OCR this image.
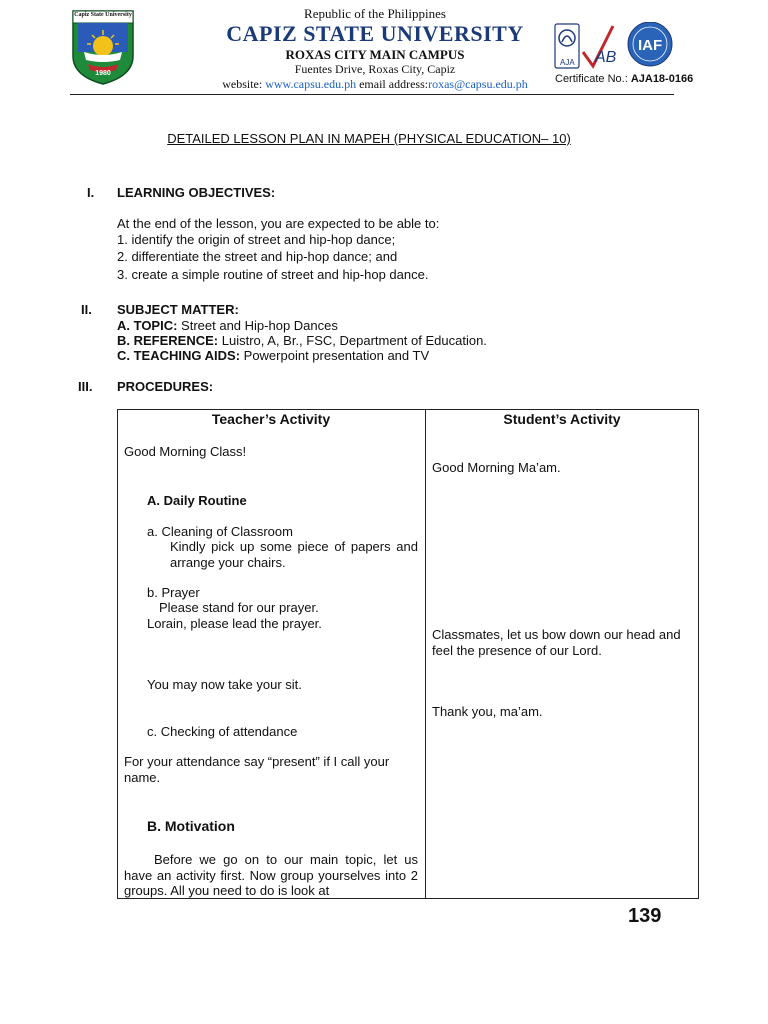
Capiz State University
1980
Republic of the Philippines
CAPIZ STATE UNIVERSITY
ROXAS CITY MAIN CAMPUS
Fuentes Drive, Roxas City, Capiz
website: www.capsu.edu.ph email address:roxas@capsu.edu.ph
AJA AB
IAF
Certificate No.: AJA18-0166
DETAILED LESSON PLAN IN MAPEH (PHYSICAL EDUCATION– 10)
I. LEARNING OBJECTIVES:
At the end of the lesson, you are expected to be able to:
1. identify the origin of street and hip-hop dance;
2. differentiate the street and hip-hop dance; and
3. create a simple routine of street and hip-hop dance.
II. SUBJECT MATTER:
A. TOPIC: Street and Hip-hop Dances
B. REFERENCE: Luistro, A, Br., FSC, Department of Education.
C. TEACHING AIDS: Powerpoint presentation and TV
III. PROCEDURES:
Teacher’s Activity	Student’s Activity
Good Morning Class!
A. Daily Routine
a. Cleaning of Classroom
Kindly pick up some piece of papers and arrange your chairs.
b. Prayer
Please stand for our prayer.
Lorain, please lead the prayer.
You may now take your sit.
c. Checking of attendance
For your attendance say “present” if I call your name.
B. Motivation
Before we go on to our main topic, let us have an activity first. Now group yourselves into 2 groups. All you need to do is look at
Good Morning Ma’am.
Classmates, let us bow down our head and feel the presence of our Lord.
Thank you, ma’am.
139
